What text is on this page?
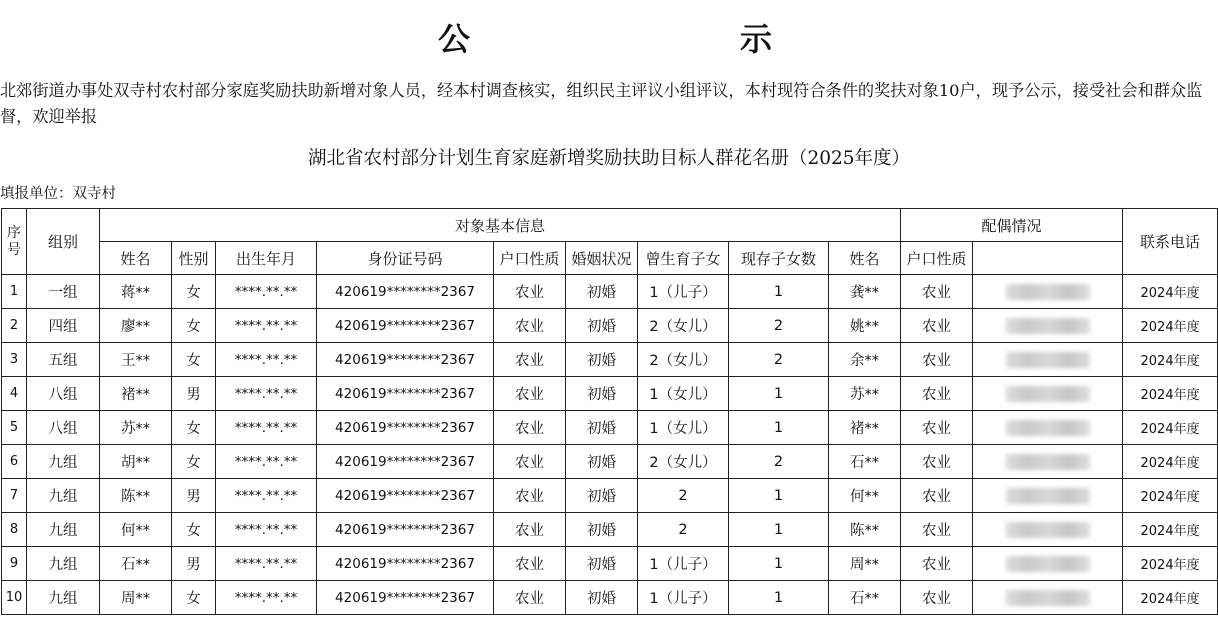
公	示

北郊街道办事处双寺村农村部分家庭奖励扶助新增对象人员，经本村调查核实，组织民主评议小组评议，本村现符合条件的奖扶对象10户，现予公示，接受社会和群众监督，欢迎举报

湖北省农村部分计划生育家庭新增奖励扶助目标人群花名册（2025年度）
填报单位：双寺村
序号	组别	对象基本信息									配偶情况		联系电话	
		姓名	性别	出生年月	身份证号码	户口性质	婚姻状况	曾生育子女	现存子女数	姓名	户口性质			
1	一组	蒋**	女	****.**.**	420619********2367	农业	初婚	1（儿子）	1	龚**	农业		2024年度	
2	四组	廖**	女	****.**.**	420619********2367	农业	初婚	2（女儿）	2	姚**	农业		2024年度	
3	五组	王**	女	****.**.**	420619********2367	农业	初婚	2（女儿）	2	余**	农业		2024年度	
4	八组	褚**	男	****.**.**	420619********2367	农业	初婚	1（女儿）	1	苏**	农业		2024年度	
5	八组	苏**	女	****.**.**	420619********2367	农业	初婚	1（女儿）	1	褚**	农业		2024年度	
6	九组	胡**	女	****.**.**	420619********2367	农业	初婚	2（女儿）	2	石**	农业		2024年度	
7	九组	陈**	男	****.**.**	420619********2367	农业	初婚	2	1	何**	农业		2024年度	
8	九组	何**	女	****.**.**	420619********2367	农业	初婚	2	1	陈**	农业		2024年度	
9	九组	石**	男	****.**.**	420619********2367	农业	初婚	1（儿子）	1	周**	农业		2024年度	
10	九组	周**	女	****.**.**	420619********2367	农业	初婚	1（儿子）	1	石**	农业		2024年度	
